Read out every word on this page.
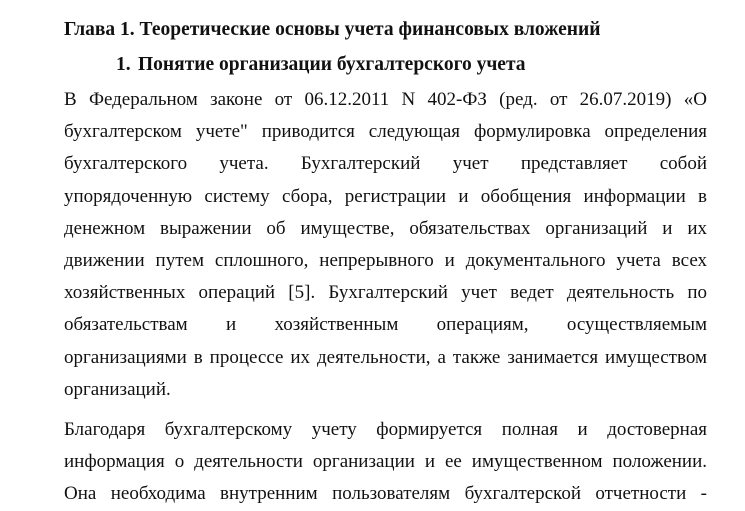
Глава 1. Теоретические основы учета финансовых вложений
1. Понятие организации бухгалтерского учета
В Федеральном законе от 06.12.2011 N 402-ФЗ (ред. от 26.07.2019) «О
бухгалтерском учете" приводится следующая формулировка определения
бухгалтерского учета. Бухгалтерский учет представляет собой
упорядоченную систему сбора, регистрации и обобщения информации в
денежном выражении об имуществе, обязательствах организаций и их
движении путем сплошного, непрерывного и документального учета всех
хозяйственных операций [5]. Бухгалтерский учет ведет деятельность по
обязательствам и хозяйственным операциям, осуществляемым
организациями в процессе их деятельности, а также занимается имуществом
организаций.
Благодаря бухгалтерскому учету формируется полная и достоверная
информация о деятельности организации и ее имущественном положении.
Она необходима внутренним пользователям бухгалтерской отчетности -
